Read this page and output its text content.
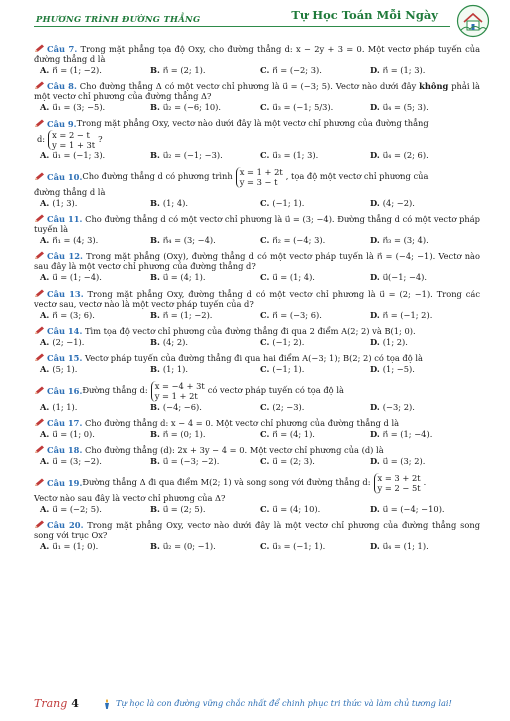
PHƯƠNG TRÌNH ĐƯỜNG THẲNG	Tự Học Toán Mỗi Ngày

Câu 7. Trong mặt phẳng tọa độ Oxy, cho đường thẳng d: x − 2y + 3 = 0. Một vectơ pháp tuyến của đường thẳng d là

A. n⃗ = (1; −2).	B. n⃗ = (2; 1).	C. n⃗ = (−2; 3).	D. n⃗ = (1; 3).

Câu 8. Cho đường thẳng Δ có một vectơ chỉ phương là u⃗ = (−3; 5). Vectơ nào dưới đây không phải là một vectơ chỉ phương của đường thẳng Δ?

A. u⃗₁ = (3; −5).	B. u⃗₂ = (−6; 10).	C. u⃗₃ = (−1; 5/3).	D. u⃗₄ = (5; 3).

Câu 9. Trong mặt phẳng Oxy, vectơ nào dưới đây là một vectơ chỉ phương của đường thẳng

d: x = 2 − t
y = 1 + 3t
?

A. u⃗₁ = (−1; 3).	B. u⃗₂ = (−1; −3).	C. u⃗₃ = (1; 3).	D. u⃗₄ = (2; 6).

Câu 10. Cho đường thẳng d có phương trình x = 1 + 2t
y = 3 − t
, tọa độ một vectơ chỉ phương của

đường thẳng d là

A. (1; 3).	B. (1; 4).	C. (−1; 1).	D. (4; −2).

Câu 11. Cho đường thẳng d có một vectơ chỉ phương là u⃗ = (3; −4). Đường thẳng d có một vectơ pháp tuyến là

A. n⃗₁ = (4; 3).	B. n⃗₄ = (3; −4).	C. n⃗₂ = (−4; 3).	D. n⃗₃ = (3; 4).

Câu 12. Trong mặt phẳng (Oxy), đường thẳng d có một vectơ pháp tuyến là n⃗ = (−4; −1). Vectơ nào sau đây là một vectơ chỉ phương của đường thẳng d?

A. u⃗ = (1; −4).	B. u⃗ = (4; 1).	C. u⃗ = (1; 4).	D. u⃗(−1; −4).

Câu 13. Trong mặt phẳng Oxy, đường thẳng d có một vectơ chỉ phương là u⃗ = (2; −1). Trong các vectơ sau, vectơ nào là một vectơ pháp tuyến của d?

A. n⃗ = (3; 6).	B. n⃗ = (1; −2).	C. n⃗ = (−3; 6).	D. n⃗ = (−1; 2).

Câu 14. Tìm tọa độ vectơ chỉ phương của đường thẳng đi qua 2 điểm A(2; 2) và B(1; 0).

A. (2; −1).	B. (4; 2).	C. (−1; 2).	D. (1; 2).

Câu 15. Vectơ pháp tuyến của đường thẳng đi qua hai điểm A(−3; 1); B(2; 2) có tọa độ là

A. (5; 1).	B. (1; 1).	C. (−1; 1).	D. (1; −5).

Câu 16. Đường thẳng d: x = −4 + 3t
y = 1 + 2t
có vectơ pháp tuyến có tọa độ là

A. (1; 1).	B. (−4; −6).	C. (2; −3).	D. (−3; 2).

Câu 17. Cho đường thẳng d: x − 4 = 0. Một vectơ chỉ phương của đường thẳng d là

A. u⃗ = (1; 0).	B. n⃗ = (0; 1).	C. n⃗ = (4; 1).	D. n⃗ = (1; −4).

Câu 18. Cho đường thẳng (d): 2x + 3y − 4 = 0. Một vectơ chỉ phương của (d) là

A. u⃗ = (3; −2).	B. u⃗ = (−3; −2).	C. u⃗ = (2; 3).	D. u⃗ = (3; 2).

Câu 19. Đường thẳng Δ đi qua điểm M(2; 1) và song song với đường thẳng d: x = 3 + 2t
y = 2 − 5t
.

Vectơ nào sau đây là vectơ chỉ phương của Δ?

A. u⃗ = (−2; 5).	B. u⃗ = (2; 5).	C. u⃗ = (4; 10).	D. u⃗ = (−4; −10).

Câu 20. Trong mặt phẳng Oxy, vectơ nào dưới đây là một vectơ chỉ phương của đường thẳng song song với trục Ox?

A. u⃗₁ = (1; 0).	B. u⃗₂ = (0; −1).	C. u⃗₃ = (−1; 1).	D. u⃗₄ = (1; 1).
Trang 4	Tự học là con đường vững chắc nhất để chinh phục tri thức và làm chủ tương lai!
